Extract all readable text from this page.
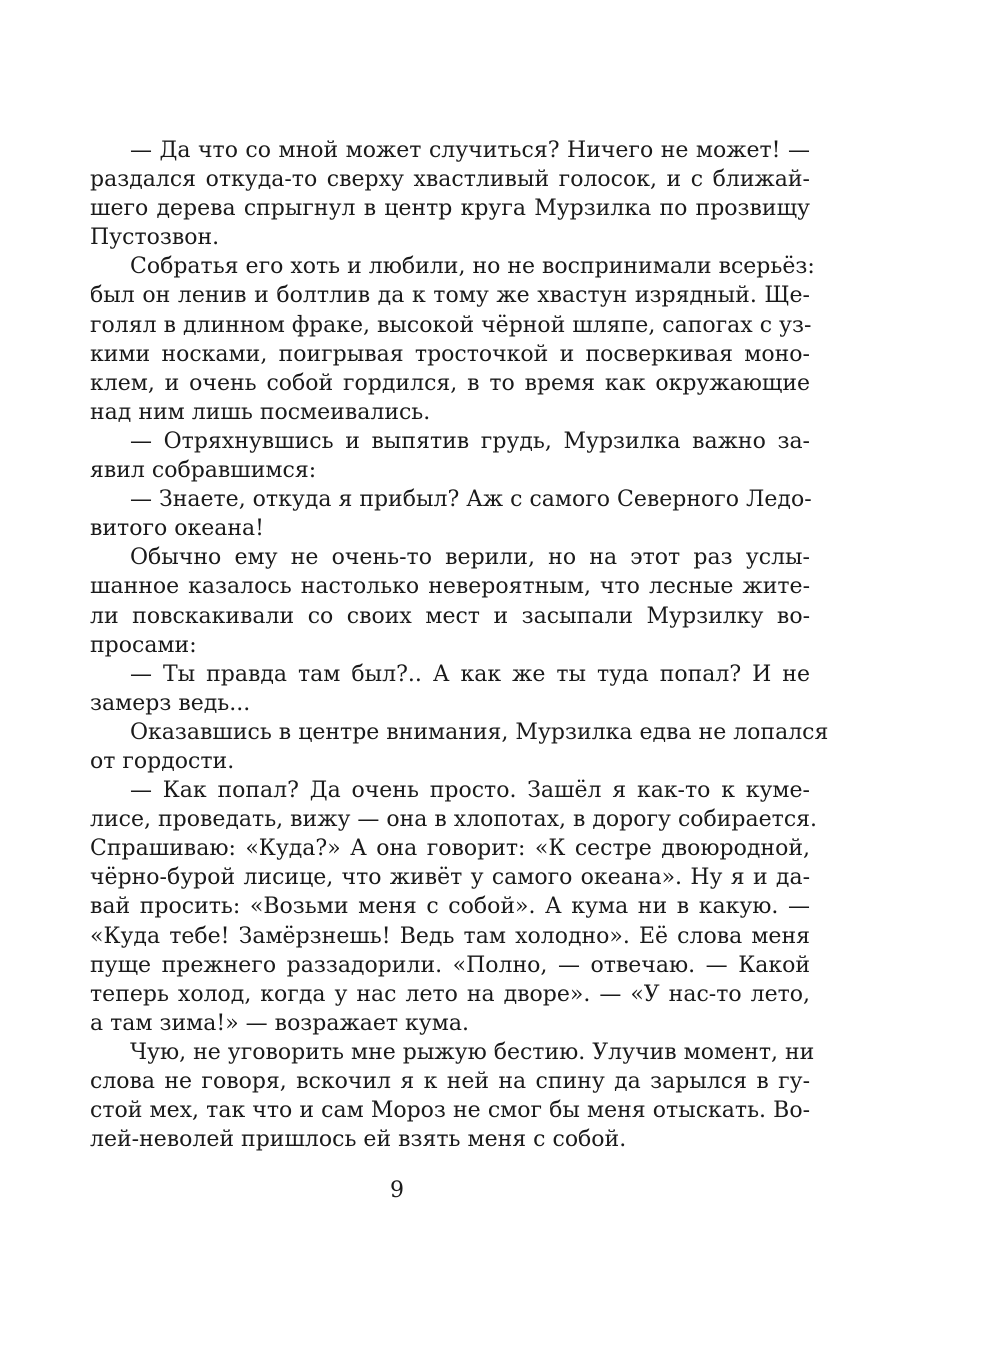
— Да что со мной может случиться? Ничего не может! —
раздался откуда-то сверху хвастливый голосок, и с ближай-
шего дерева спрыгнул в центр круга Мурзилка по прозвищу
Пустозвон.
Собратья его хоть и любили, но не воспринимали всерьёз:
был он ленив и болтлив да к тому же хвастун изрядный. Ще-
голял в длинном фраке, высокой чёрной шляпе, сапогах с уз-
кими носками, поигрывая тросточкой и посверкивая моно-
клем, и очень собой гордился, в то время как окружающие
над ним лишь посмеивались.
— Отряхнувшись и выпятив грудь, Мурзилка важно за-
явил собравшимся:
— Знаете, откуда я прибыл? Аж с самого Северного Ледо-
витого океана!
Обычно ему не очень-то верили, но на этот раз услы-
шанное казалось настолько невероятным, что лесные жите-
ли повскакивали со своих мест и засыпали Мурзилку во-
просами:
— Ты правда там был?.. А как же ты туда попал? И не
замерз ведь...
Оказавшись в центре внимания, Мурзилка едва не лопался
от гордости.
— Как попал? Да очень просто. Зашёл я как-то к куме-
лисе, проведать, вижу — она в хлопотах, в дорогу собирается.
Спрашиваю: «Куда?» А она говорит: «К сестре двоюродной,
чёрно-бурой лисице, что живёт у самого океана». Ну я и да-
вай просить: «Возьми меня с собой». А кума ни в какую. —
«Куда тебе! Замёрзнешь! Ведь там холодно». Её слова меня
пуще прежнего раззадорили. «Полно, — отвечаю. — Какой
теперь холод, когда у нас лето на дворе». — «У нас-то лето,
а там зима!» — возражает кума.
Чую, не уговорить мне рыжую бестию. Улучив момент, ни
слова не говоря, вскочил я к ней на спину да зарылся в гу-
стой мех, так что и сам Мороз не смог бы меня отыскать. Во-
лей-неволей пришлось ей взять меня с собой.
9
